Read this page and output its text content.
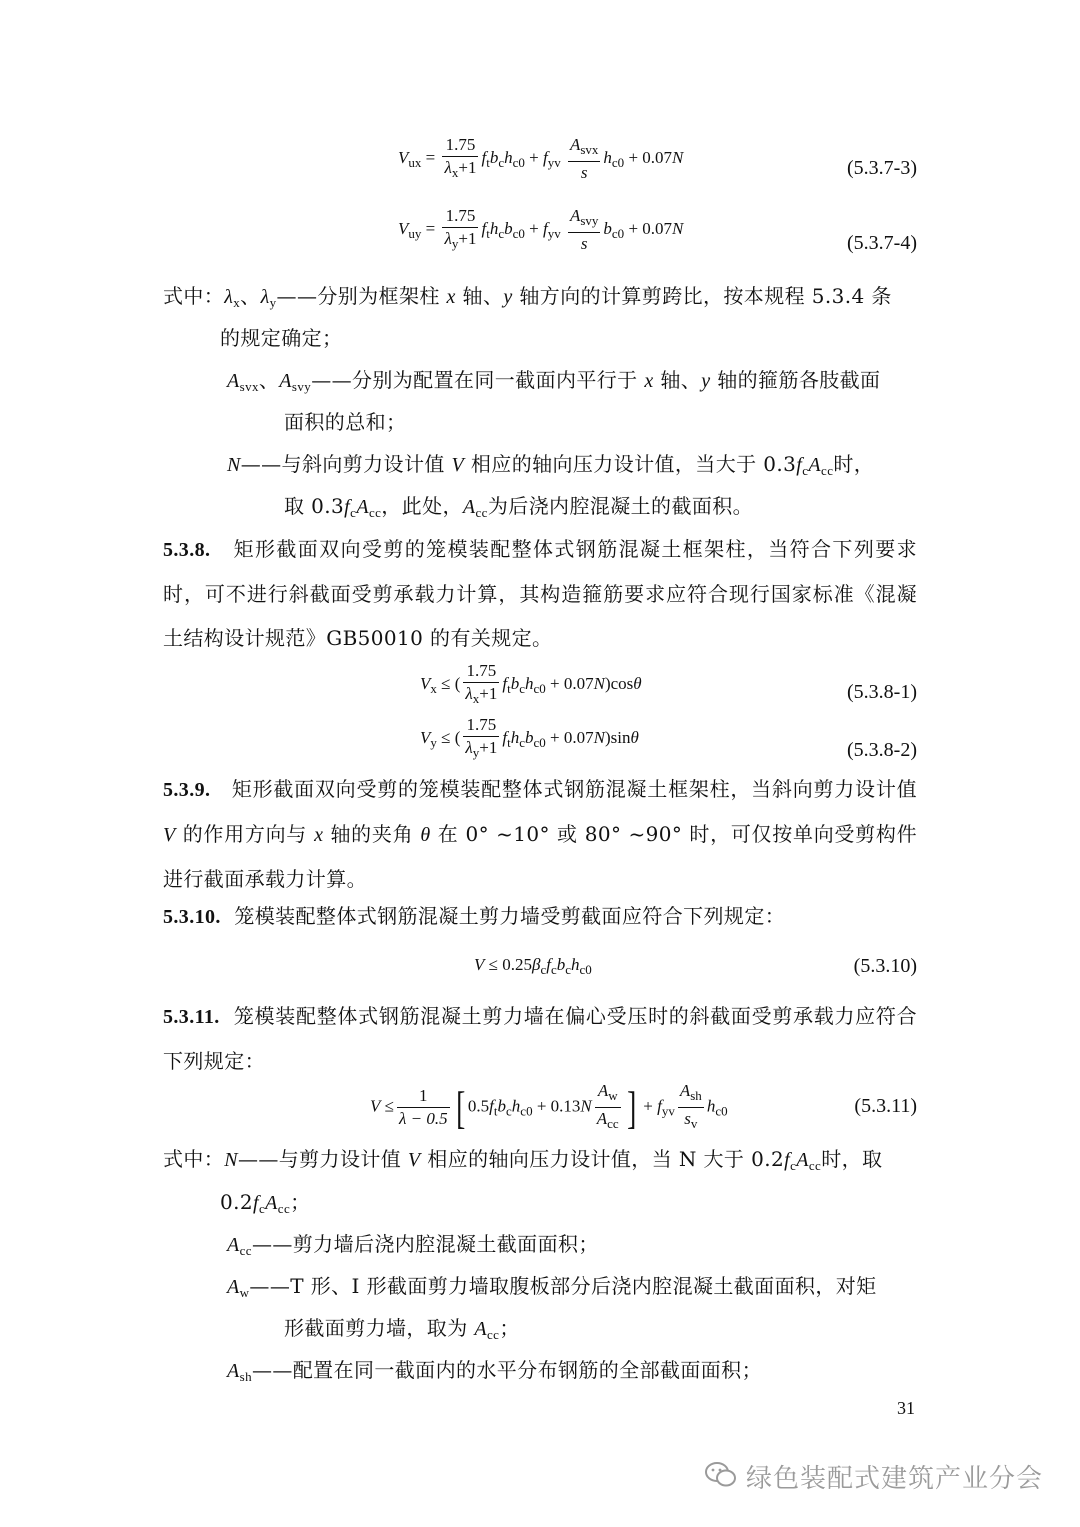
$V_{ux} = \frac{1.75}{\lambda_x+1} f_tb_ch_{c0} + f_{yv} \frac{A_{svx}}{s} h_{c0} + 0.07N$	(5.3.7-3)
$V_{uy} = \frac{1.75}{\lambda_y+1} f_th_cb_{c0} + f_{yv} \frac{A_{svy}}{s} b_{c0} + 0.07N$
(5.3.7-4)
式中：$\lambda_x$、$\lambda_y——$分别为框架柱 x 轴、y 轴方向的计算剪跨比，按本规程 5.3.4 条
的规定确定；
$A_{svx}$、$A_{svy}——$分别为配置在同一截面内平行于 x 轴、y 轴的箍筋各肢截面
面积的总和；
N——与斜向剪力设计值 V 相应的轴向压力设计值，当大于 $0.3f_cA_{cc}$时，
取 $0.3f_cA_{cc}$，此处，$A_{cc}$为后浇内腔混凝土的截面积。
5.3.8. 矩形截面双向受剪的笼模装配整体式钢筋混凝土框架柱，当符合下列要求时，可不进行斜截面受剪承载力计算，其构造箍筋要求应符合现行国家标准《混凝土结构设计规范》GB50010 的有关规定。
$V_x$ ≤ ( $\frac{1.75}{\lambda_x+1} f_tb_ch_{c0} + 0.07N)\cos\theta$	(5.3.8-1)
$V_y$ ≤ ( $\frac{1.75}{\lambda_y+1} f_th_cb_{c0} + 0.07N)\sin\theta$
(5.3.8-2)
5.3.9. 矩形截面双向受剪的笼模装配整体式钢筋混凝土框架柱，当斜向剪力设计值 V 的作用方向与 x 轴的夹角 θ 在 0° ~10° 或 80° ~90° 时，可仅按单向受剪构件进行截面承载力计算。
5.3.10. 笼模装配整体式钢筋混凝土剪力墙受剪截面应符合下列规定：
$V \le 0.25\beta_cf_cb_ch_{c0}$	(5.3.10)
5.3.11. 笼模装配整体式钢筋混凝土剪力墙在偏心受压时的斜截面受剪承载力应符合下列规定：
$V \le \frac{1}{\lambda - 0.5}$ [ $0.5f_tb_ch_{c0} + 0.13N \frac{A_w}{A_{cc}}$ ] + $f_{yv} \frac{A_{sh}}{s_v} h_{c0}$	(5.3.11)
式中：N——与剪力设计值 V 相应的轴向压力设计值，当 N 大于 $0.2f_cA_{cc}$时，取
$0.2f_cA_{cc}$；
$A_{cc}——$剪力墙后浇内腔混凝土截面面积；
$A_w——T$ 形、I 形截面剪力墙取腹板部分后浇内腔混凝土截面面积，对矩
形截面剪力墙，取为 $A_{cc}$；
$A_{sh}——$配置在同一截面内的水平分布钢筋的全部截面面积；
31
绿色装配式建筑产业分会
